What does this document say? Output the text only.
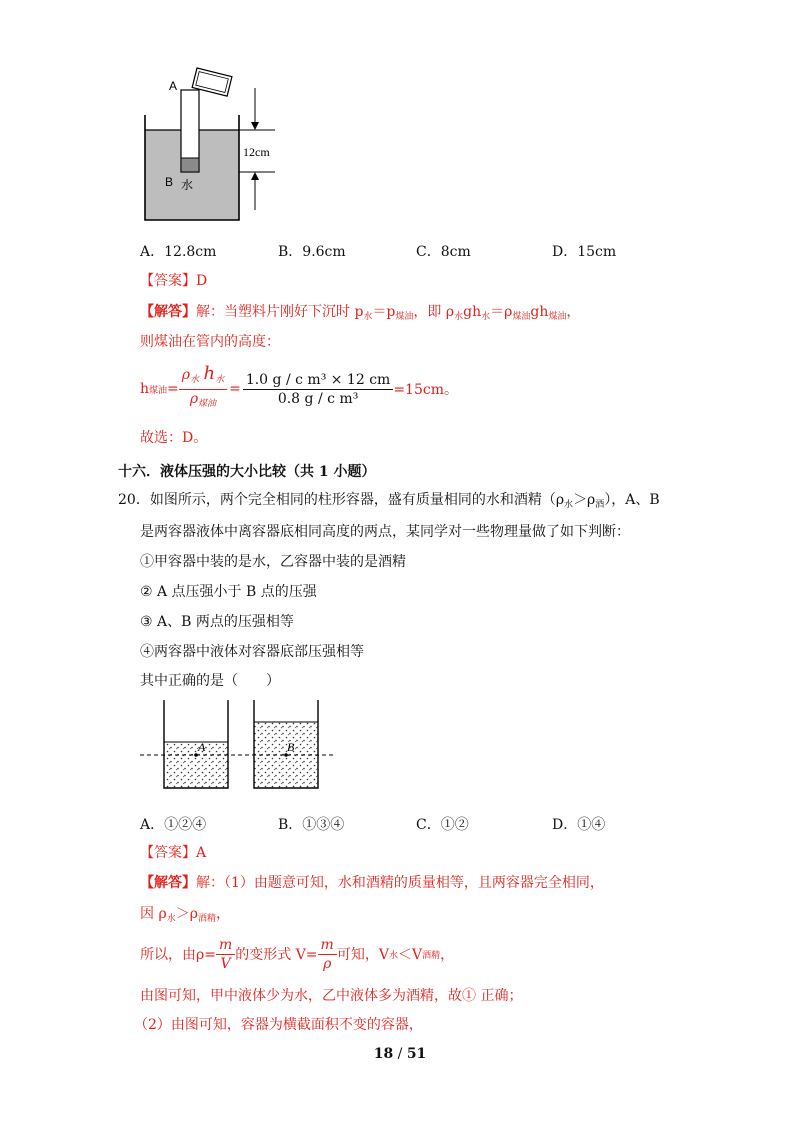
A
B 水
12cm
A．12.8cm	B．9.6cm	C．8cm	D．15cm
【答案】D
【解答】解：当塑料片刚好下沉时 $p_水=p_{煤油}$，即 $\rho_水gh_水=\rho_{煤油}gh_{煤油}$，
则煤油在管内的高度：
h 煤油 = $\frac{\rho_水 h_水}{\rho_{煤油}} = \frac{\text{1.0 g / c m³ × 12 cm}}{\text{0.8 g / c m³}} =15cm$。
故选：D。
十六．液体压强的大小比较（共 1 小题）
20．如图所示，两个完全相同的柱形容器，盛有质量相同的水和酒精$(\rho_水>\rho_酒)$，A、B
是两容器液体中离容器底相同高度的两点，某同学对一些物理量做了如下判断：
①甲容器中装的是水，乙容器中装的是酒精
② A 点压强小于 B 点的压强
③ A、B 两点的压强相等
④两容器中液体对容器底部压强相等
其中正确的是（　　）
A	B
A．①②④	B．①③④	C．①②	D．①④
【答案】A
【解答】解：（1）由题意可知，水和酒精的质量相等，且两容器完全相同，
因 $\rho_水>\rho_{酒精}$，
所以，由$\rho= \frac{m}{V}$ 的变形式 $V= \frac{m}{\rho}$ 可知，V 水 ＜V 酒精 ，
由图可知，甲中液体少为水，乙中液体多为酒精，故① 正确；
（2）由图可知，容器为横截面积不变的容器，
18 / 51
